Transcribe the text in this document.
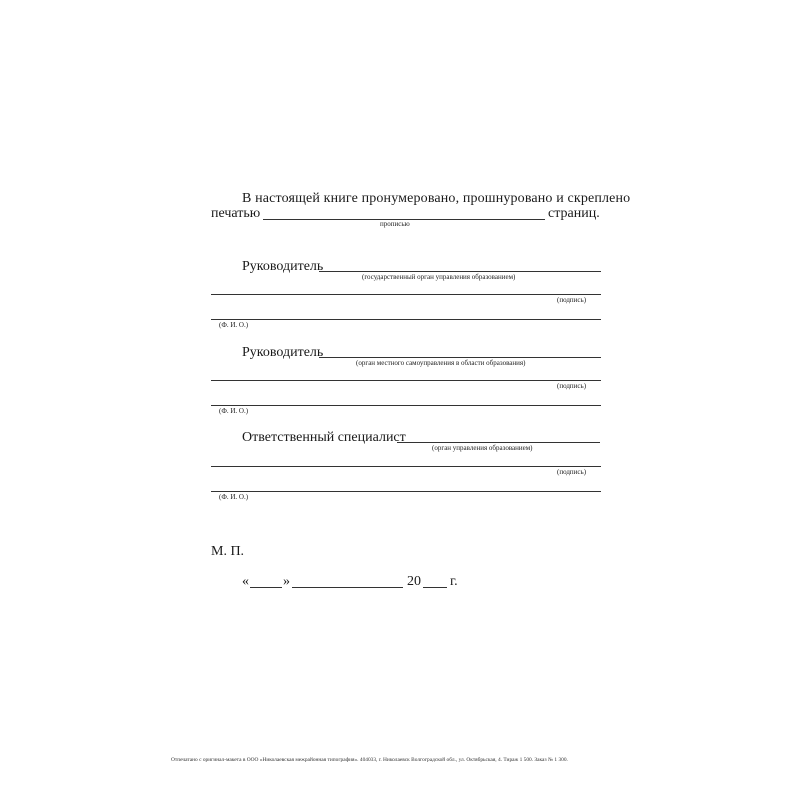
В настоящей книге пронумеровано, прошнуровано и скреплено
печатью	страниц.
прописью
Руководитель
(государственный орган управления образованием)
(подпись)
(Ф. И. О.)
Руководитель
(орган местного самоуправления в области образования)
(подпись)
(Ф. И. О.)
Ответственный специалист
(орган управления образованием)
(подпись)
(Ф. И. О.)
М. П.
« »	20 г.
Отпечатано с оригинал-макета в ООО «Николаевская межрайонная типография». 404033, г. Николаевск Волгоградской обл., ул. Октябрьская, 4. Тираж 1 500. Заказ № 1 300.
